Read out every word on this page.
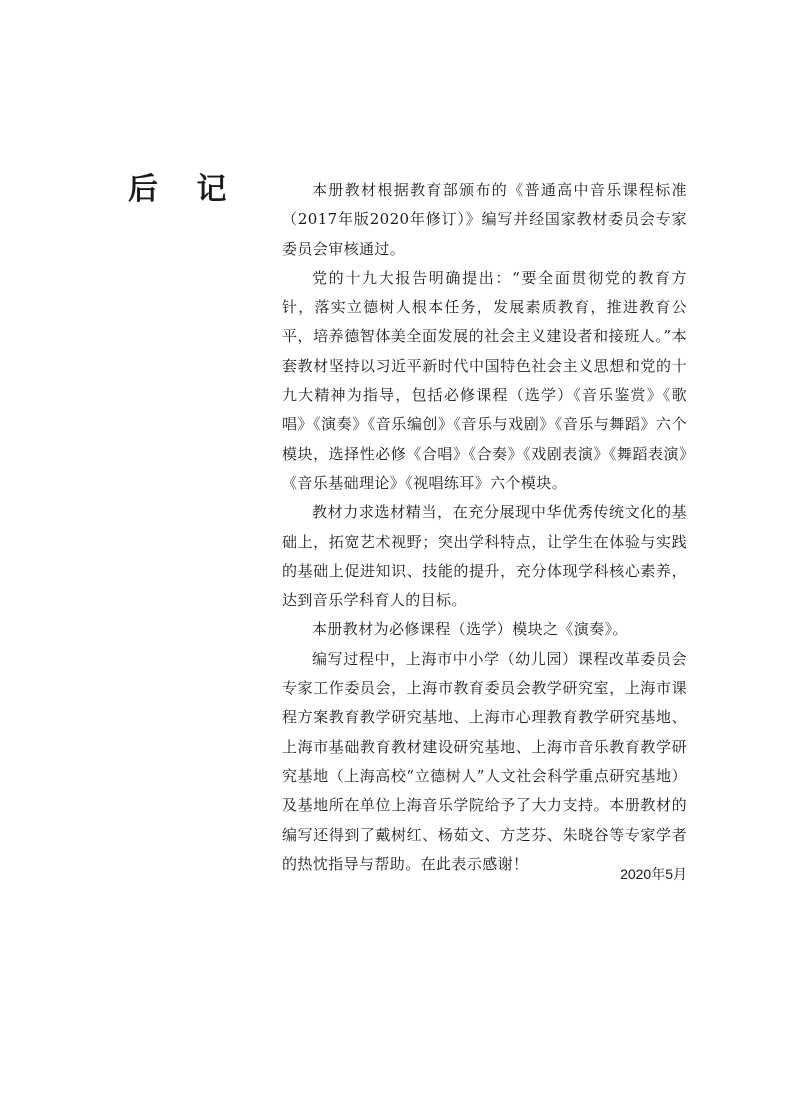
后 记	本册教材根据教育部颁布的《普通高中音乐课程标准（2017年版2020年修订）》编写并经国家教材委员会专家委员会审核通过。

党的十九大报告明确提出：“要全面贯彻党的教育方针，落实立德树人根本任务，发展素质教育，推进教育公平，培养德智体美全面发展的社会主义建设者和接班人。”本套教材坚持以习近平新时代中国特色社会主义思想和党的十九大精神为指导，包括必修课程（选学）《音乐鉴赏》《歌唱》《演奏》《音乐编创》《音乐与戏剧》《音乐与舞蹈》六个模块，选择性必修《合唱》《合奏》《戏剧表演》《舞蹈表演》《音乐基础理论》《视唱练耳》六个模块。

教材力求选材精当，在充分展现中华优秀传统文化的基础上，拓宽艺术视野；突出学科特点，让学生在体验与实践的基础上促进知识、技能的提升，充分体现学科核心素养，达到音乐学科育人的目标。

本册教材为必修课程（选学）模块之《演奏》。

编写过程中，上海市中小学（幼儿园）课程改革委员会专家工作委员会，上海市教育委员会教学研究室，上海市课程方案教育教学研究基地、上海市心理教育教学研究基地、上海市基础教育教材建设研究基地、上海市音乐教育教学研究基地（上海高校“立德树人”人文社会科学重点研究基地）及基地所在单位上海音乐学院给予了大力支持。本册教材的编写还得到了戴树红、杨茹文、方芝芬、朱晓谷等专家学者的热忱指导与帮助。在此表示感谢！

2020年5月
